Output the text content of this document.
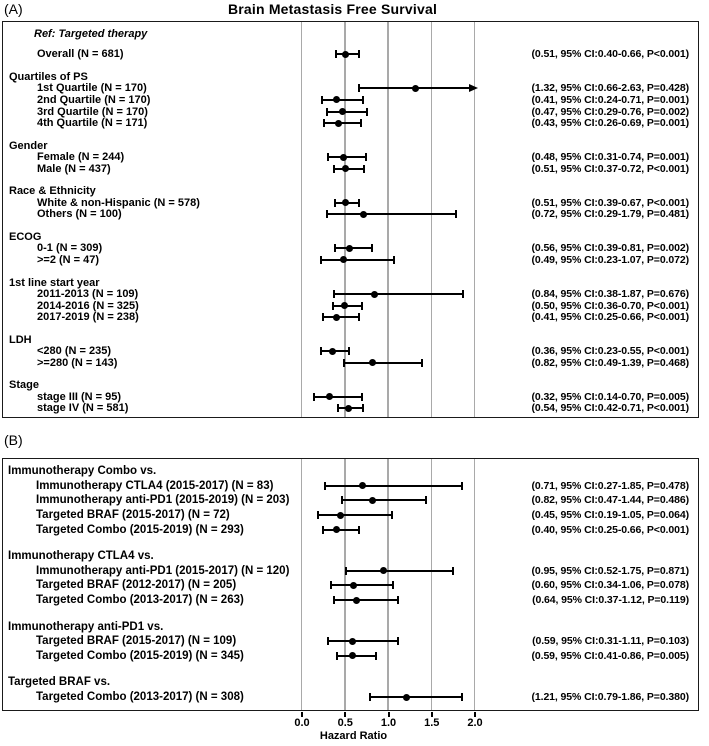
Brain Metastasis Free Survival
(A)
Ref: Targeted therapy
Overall (N = 681)	(0.51, 95% CI:0.40-0.66, P<0.001)
Quartiles of PS
1st Quartile (N = 170)	(1.32, 95% CI:0.66-2.63, P=0.428)
2nd Quartile (N = 170)	(0.41, 95% CI:0.24-0.71, P=0.001)
3rd Quartile (N = 170)	(0.47, 95% CI:0.29-0.76, P=0.002)
4th Quartile (N = 171)	(0.43, 95% CI:0.26-0.69, P=0.001)
Gender
Female (N = 244)	(0.48, 95% CI:0.31-0.74, P=0.001)
Male (N = 437)	(0.51, 95% CI:0.37-0.72, P<0.001)
Race & Ethnicity
White & non-Hispanic (N = 578)	(0.51, 95% CI:0.39-0.67, P<0.001)
Others (N = 100)	(0.72, 95% CI:0.29-1.79, P=0.481)
ECOG
0-1 (N = 309)	(0.56, 95% CI:0.39-0.81, P=0.002)
>=2 (N = 47)	(0.49, 95% CI:0.23-1.07, P=0.072)
1st line start year
2011-2013 (N = 109)	(0.84, 95% CI:0.38-1.87, P=0.676)
2014-2016 (N = 325)	(0.50, 95% CI:0.36-0.70, P<0.001)
2017-2019 (N = 238)	(0.41, 95% CI:0.25-0.66, P<0.001)
LDH
<280 (N = 235)	(0.36, 95% CI:0.23-0.55, P<0.001)
>=280 (N = 143)	(0.82, 95% CI:0.49-1.39, P=0.468)
Stage
stage III (N = 95)	(0.32, 95% CI:0.14-0.70, P=0.005)
stage IV (N = 581)	(0.54, 95% CI:0.42-0.71, P<0.001)
(B)
Immunotherapy Combo vs.
Immunotherapy CTLA4 (2015-2017) (N = 83)	(0.71, 95% CI:0.27-1.85, P=0.478)
Immunotherapy anti-PD1 (2015-2019) (N = 203)	(0.82, 95% CI:0.47-1.44, P=0.486)
Targeted BRAF (2015-2017) (N = 72)	(0.45, 95% CI:0.19-1.05, P=0.064)
Targeted Combo (2015-2019) (N = 293)	(0.40, 95% CI:0.25-0.66, P<0.001)
Immunotherapy CTLA4 vs.
Immunotherapy anti-PD1 (2015-2017) (N = 120)	(0.95, 95% CI:0.52-1.75, P=0.871)
Targeted BRAF (2012-2017) (N = 205)	(0.60, 95% CI:0.34-1.06, P=0.078)
Targeted Combo (2013-2017) (N = 263)	(0.64, 95% CI:0.37-1.12, P=0.119)
Immunotherapy anti-PD1 vs.
Targeted BRAF (2015-2017) (N = 109)	(0.59, 95% CI:0.31-1.11, P=0.103)
Targeted Combo (2015-2019) (N = 345)	(0.59, 95% CI:0.41-0.86, P=0.005)
Targeted BRAF vs.
Targeted Combo (2013-2017) (N = 308)	(1.21, 95% CI:0.79-1.86, P=0.380)
Hazard Ratio
0.0	0.5	1.0	1.5	2.0
